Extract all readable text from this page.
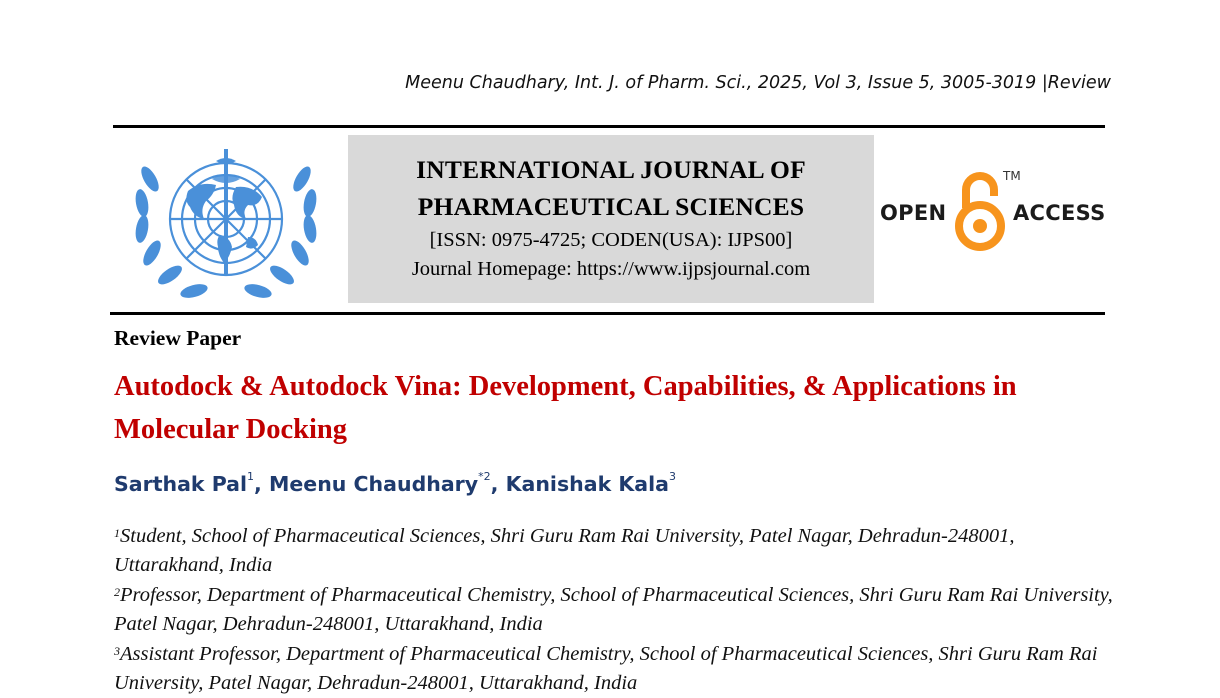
Meenu Chaudhary, Int. J. of Pharm. Sci., 2025, Vol 3, Issue 5, 3005-3019 |Review
INTERNATIONAL JOURNAL OF
PHARMACEUTICAL SCIENCES
[ISSN: 0975-4725; CODEN(USA): IJPS00]
Journal Homepage: https://www.ijpsjournal.com
OPEN
TM
ACCESS
Review Paper
Autodock & Autodock Vina: Development, Capabilities, & Applications in Molecular Docking
Sarthak Pal$^1$, Meenu Chaudhary$^{*2}$, Kanishak Kala$^3$
$^1$Student, School of Pharmaceutical Sciences, Shri Guru Ram Rai University, Patel Nagar, Dehradun-248001, Uttarakhand, India
$^2$Professor, Department of Pharmaceutical Chemistry, School of Pharmaceutical Sciences, Shri Guru Ram Rai University, Patel Nagar, Dehradun-248001, Uttarakhand, India
$^3$Assistant Professor, Department of Pharmaceutical Chemistry, School of Pharmaceutical Sciences, Shri Guru Ram Rai University, Patel Nagar, Dehradun-248001, Uttarakhand, India
